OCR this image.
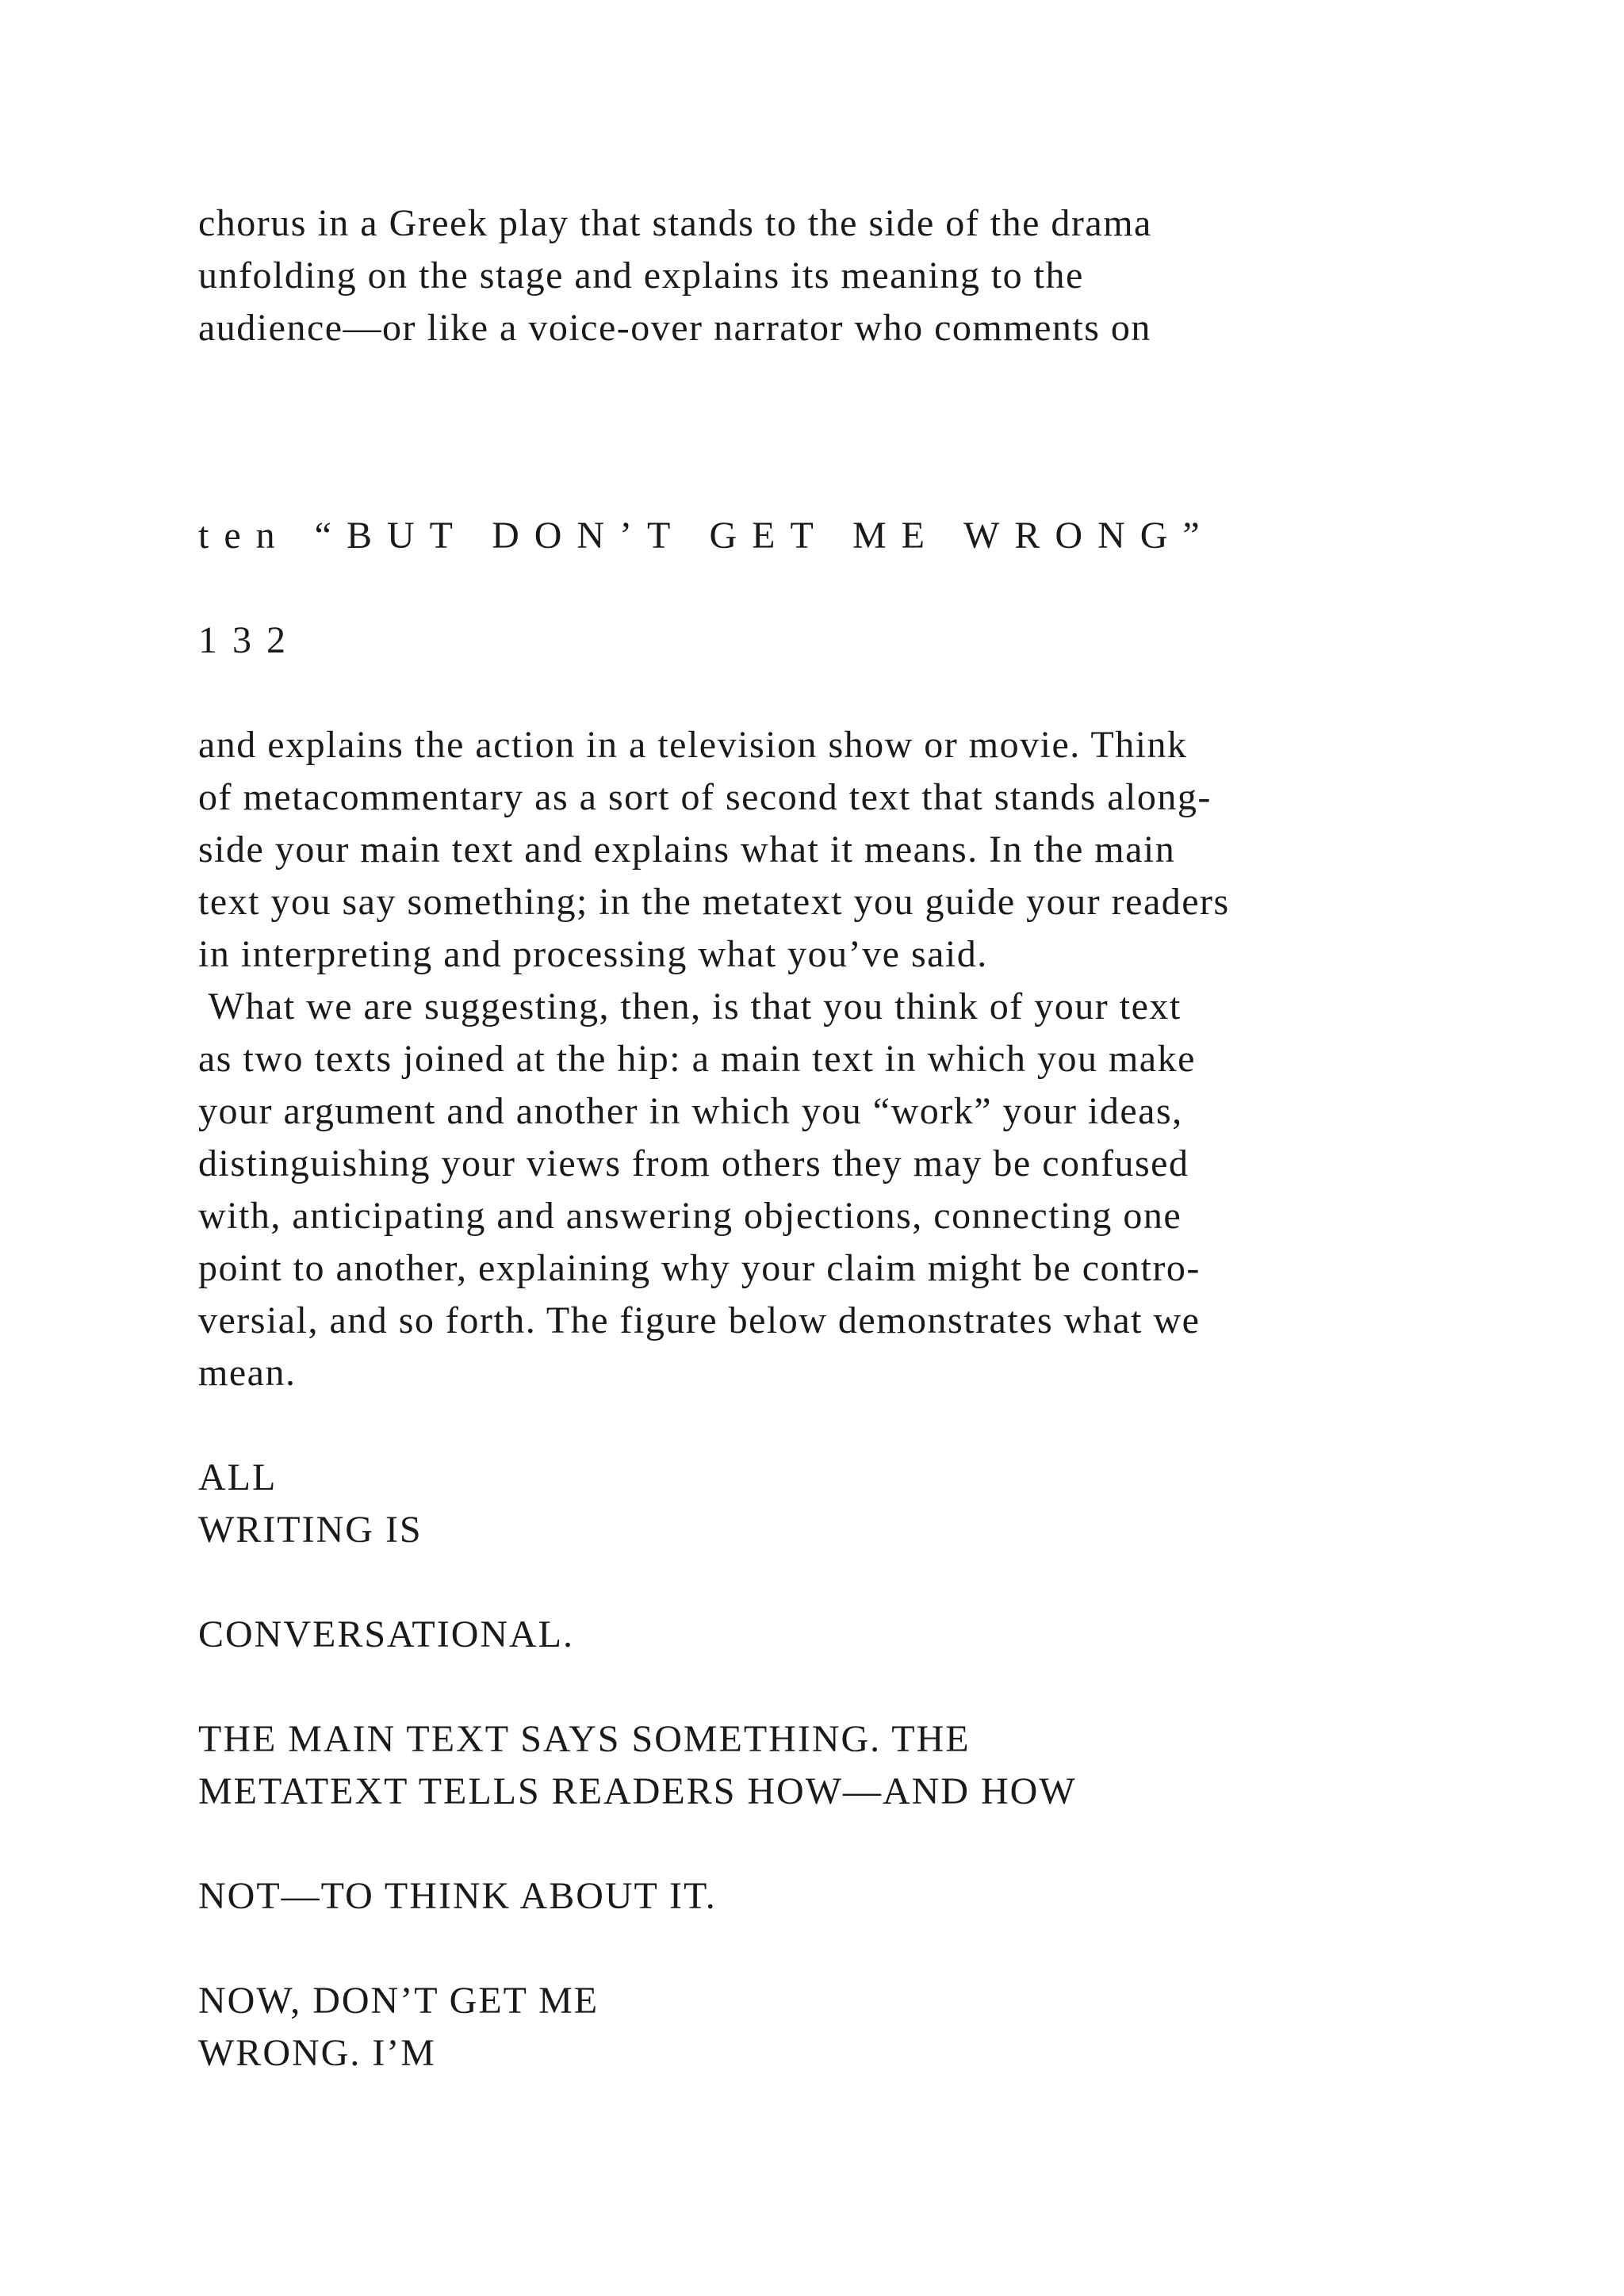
chorus in a Greek play that stands to the side of the drama

unfolding on the stage and explains its meaning to the

audience—or like a voice-over narrator who comments on

ten “BUT DON’T GET ME WRONG”

132

and explains the action in a television show or movie. Think

of metacommentary as a sort of second text that stands along-

side your main text and explains what it means. In the main

text you say something; in the metatext you guide your readers

in interpreting and processing what you’ve said.

What we are suggesting, then, is that you think of your text

as two texts joined at the hip: a main text in which you make

your argument and another in which you “work” your ideas,

distinguishing your views from others they may be confused

with, anticipating and answering objections, connecting one

point to another, explaining why your claim might be contro-

versial, and so forth. The figure below demonstrates what we

mean.

ALL

WRITING IS

CONVERSATIONAL.

THE MAIN TEXT SAYS SOMETHING. THE

METATEXT TELLS READERS HOW—AND HOW

NOT—TO THINK ABOUT IT.

NOW, DON’T GET ME

WRONG. I’M
